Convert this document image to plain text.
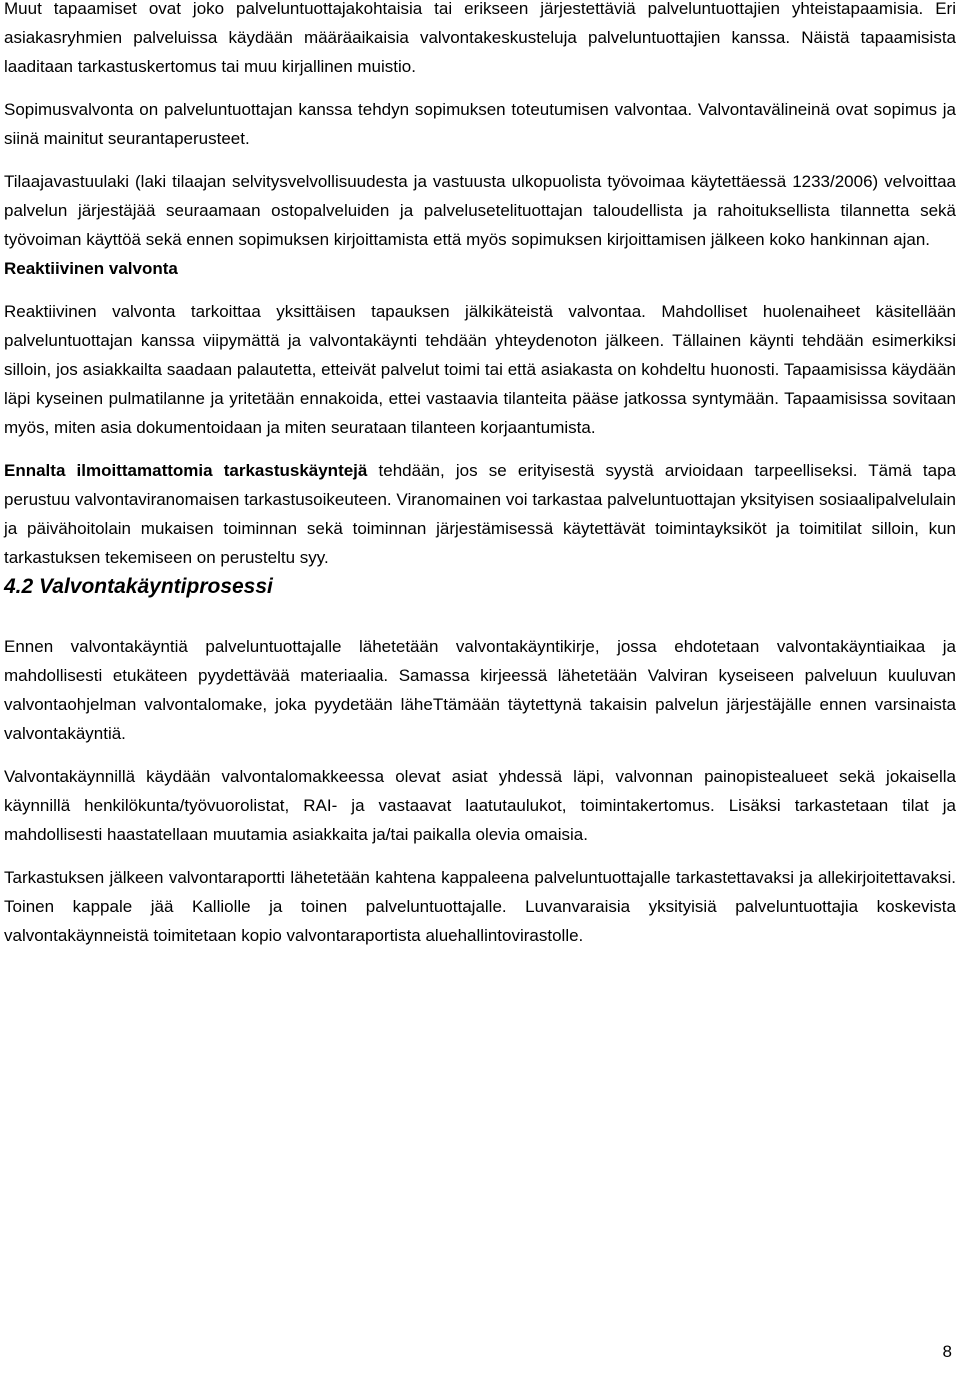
Muut tapaamiset ovat joko palveluntuottajakohtaisia tai erikseen järjestettäviä palveluntuottajien yhteistapaamisia. Eri asiakasryhmien palveluissa käydään määräaikaisia valvontakeskusteluja palveluntuottajien kanssa. Näistä tapaamisista laaditaan tarkastuskertomus tai muu kirjallinen muistio.

Sopimusvalvonta on palveluntuottajan kanssa tehdyn sopimuksen toteutumisen valvontaa. Valvontavälineinä ovat sopimus ja siinä mainitut seurantaperusteet.

Tilaajavastuulaki (laki tilaajan selvitysvelvollisuudesta ja vastuusta ulkopuolista työvoimaa käytettäessä 1233/2006) velvoittaa palvelun järjestäjää seuraamaan ostopalveluiden ja palvelusetelituottajan taloudellista ja rahoituksellista tilannetta sekä työvoiman käyttöä sekä ennen sopimuksen kirjoittamista että myös sopimuksen kirjoittamisen jälkeen koko hankinnan ajan.

Reaktiivinen valvonta

Reaktiivinen valvonta tarkoittaa yksittäisen tapauksen jälkikäteistä valvontaa. Mahdolliset huolenaiheet käsitellään palveluntuottajan kanssa viipymättä ja valvontakäynti tehdään yhteydenoton jälkeen. Tällainen käynti tehdään esimerkiksi silloin, jos asiakkailta saadaan palautetta, etteivät palvelut toimi tai että asiakasta on kohdeltu huonosti. Tapaamisissa käydään läpi kyseinen pulmatilanne ja yritetään ennakoida, ettei vastaavia tilanteita pääse jatkossa syntymään. Tapaamisissa sovitaan myös, miten asia dokumentoidaan ja miten seurataan tilanteen korjaantumista.

Ennalta ilmoittamattomia tarkastuskäyntejä tehdään, jos se erityisestä syystä arvioidaan tarpeelliseksi. Tämä tapa perustuu valvontaviranomaisen tarkastusoikeuteen. Viranomainen voi tarkastaa palveluntuottajan yksityisen sosiaalipalvelulain ja päivähoitolain mukaisen toiminnan sekä toiminnan järjestämisessä käytettävät toimintayksiköt ja toimitilat silloin, kun tarkastuksen tekemiseen on perusteltu syy.

4.2 Valvontakäyntiprosessi

Ennen valvontakäyntiä palveluntuottajalle lähetetään valvontakäyntikirje, jossa ehdotetaan valvontakäyntiaikaa ja mahdollisesti etukäteen pyydettävää materiaalia. Samassa kirjeessä lähetetään Valviran kyseiseen palveluun kuuluvan valvontaohjelman valvontalomake, joka pyydetään läheTtämään täytettynä takaisin palvelun järjestäjälle ennen varsinaista valvontakäyntiä.

Valvontakäynnillä käydään valvontalomakkeessa olevat asiat yhdessä läpi, valvonnan painopistealueet sekä jokaisella käynnillä henkilökunta/työvuorolistat, RAI- ja vastaavat laatutaulukot, toimintakertomus. Lisäksi tarkastetaan tilat ja mahdollisesti haastatellaan muutamia asiakkaita ja/tai paikalla olevia omaisia.

Tarkastuksen jälkeen valvontaraportti lähetetään kahtena kappaleena palveluntuottajalle tarkastettavaksi ja allekirjoitettavaksi. Toinen kappale jää Kalliolle ja toinen palveluntuottajalle. Luvanvaraisia yksityisiä palveluntuottajia koskevista valvontakäynneistä toimitetaan kopio valvontaraportista aluehallintovirastolle.

8
